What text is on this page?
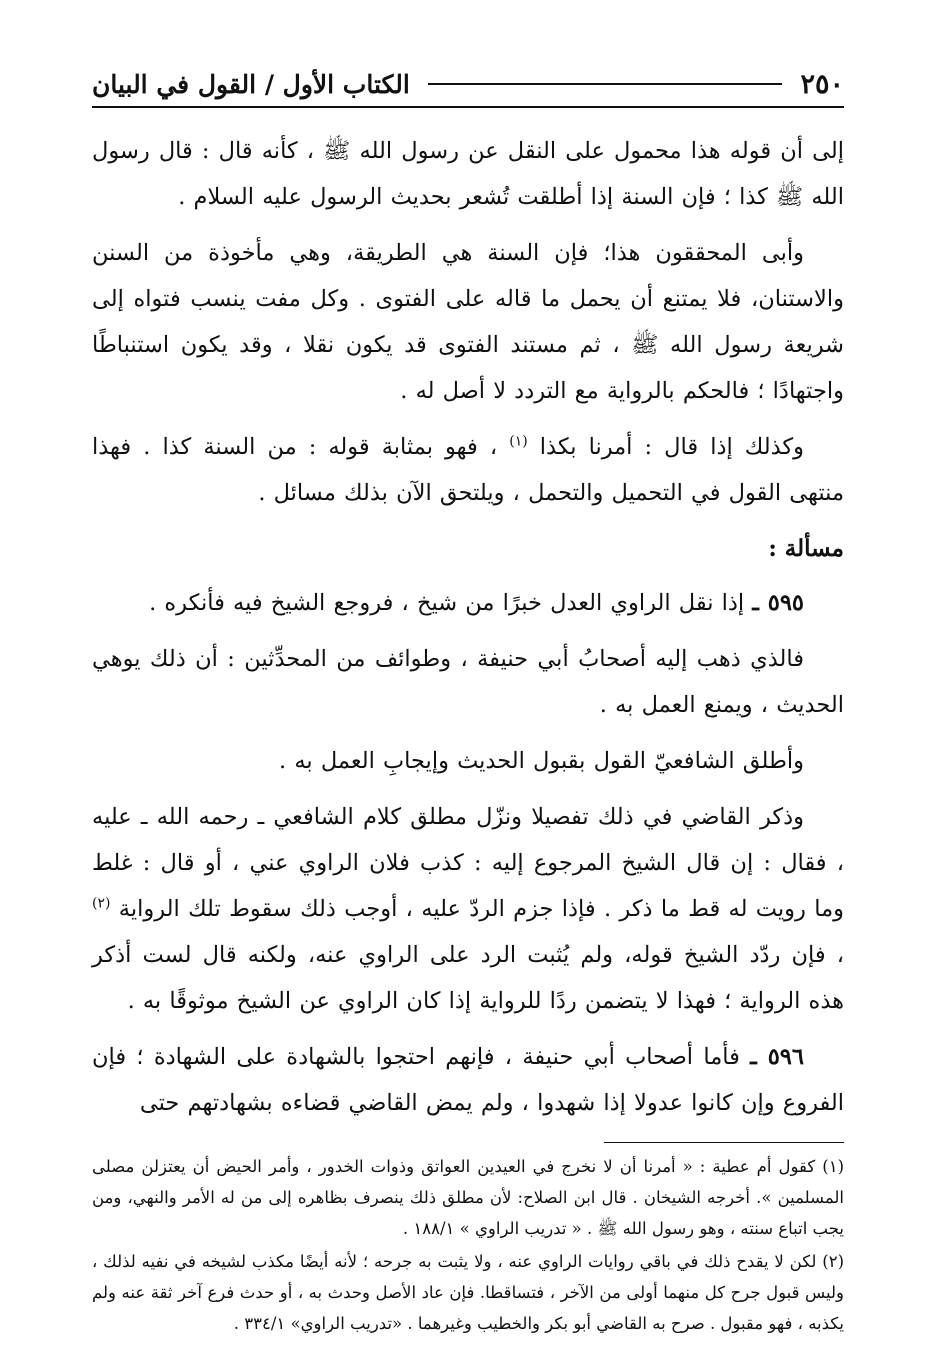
٢٥٠
الكتاب الأول / القول في البيان

إلى أن قوله هذا محمول على النقل عن رسول الله ﷺ ، كأنه قال : قال رسول الله ﷺ كذا ؛ فإن السنة إذا أطلقت تُشعر بحديث الرسول عليه السلام .

وأبى المحققون هذا؛ فإن السنة هي الطريقة، وهي مأخوذة من السنن والاستنان، فلا يمتنع أن يحمل ما قاله على الفتوى . وكل مفت ينسب فتواه إلى شريعة رسول الله ﷺ ، ثم مستند الفتوى قد يكون نقلا ، وقد يكون استنباطًا واجتهادًا ؛ فالحكم بالرواية مع التردد لا أصل له .

وكذلك إذا قال : أمرنا بكذا $^{(١)}$ ، فهو بمثابة قوله : من السنة كذا . فهذا منتهى القول في التحميل والتحمل ، ويلتحق الآن بذلك مسائل .

مسألة :

٥٩٥ ـ إذا نقل الراوي العدل خبرًا من شيخ ، فروجع الشيخ فيه فأنكره .

فالذي ذهب إليه أصحابُ أبي حنيفة ، وطوائف من المحدِّثين : أن ذلك يوهي الحديث ، ويمنع العمل به .

وأطلق الشافعيّ القول بقبول الحديث وإيجابِ العمل به .

وذكر القاضي في ذلك تفصيلا ونزّل مطلق كلام الشافعي ـ رحمه الله ـ عليه ، فقال : إن قال الشيخ المرجوع إليه : كذب فلان الراوي عني ، أو قال : غلط وما رويت له قط ما ذكر . فإذا جزم الردّ عليه ، أوجب ذلك سقوط تلك الرواية $^{(٢)}$ ، فإن ردّد الشيخ قوله، ولم يُثبت الرد على الراوي عنه، ولكنه قال لست أذكر هذه الرواية ؛ فهذا لا يتضمن ردًا للرواية إذا كان الراوي عن الشيخ موثوقًا به .

٥٩٦ ـ فأما أصحاب أبي حنيفة ، فإنهم احتجوا بالشهادة على الشهادة ؛ فإن الفروع وإن كانوا عدولا إذا شهدوا ، ولم يمض القاضي قضاءه بشهادتهم حتى

(١) كقول أم عطية : « أمرنا أن لا نخرج في العيدين العواتق وذوات الخدور ، وأمر الحيض أن يعتزلن مصلى المسلمين ». أخرجه الشيخان . قال ابن الصلاح: لأن مطلق ذلك ينصرف بظاهره إلى من له الأمر والنهي، ومن يجب اتباع سنته ، وهو رسول الله ﷺ . « تدريب الراوي » ١٨٨/١ .

(٢) لكن لا يقدح ذلك في باقي روايات الراوي عنه ، ولا يثبت به جرحه ؛ لأنه أيضًا مكذب لشيخه في نفيه لذلك ، وليس قبول جرح كل منهما أولى من الآخر ، فتساقطا. فإن عاد الأصل وحدث به ، أو حدث فرع آخر ثقة عنه ولم يكذبه ، فهو مقبول . صرح به القاضي أبو بكر والخطيب وغيرهما . «تدريب الراوي» ٣٣٤/١ .
